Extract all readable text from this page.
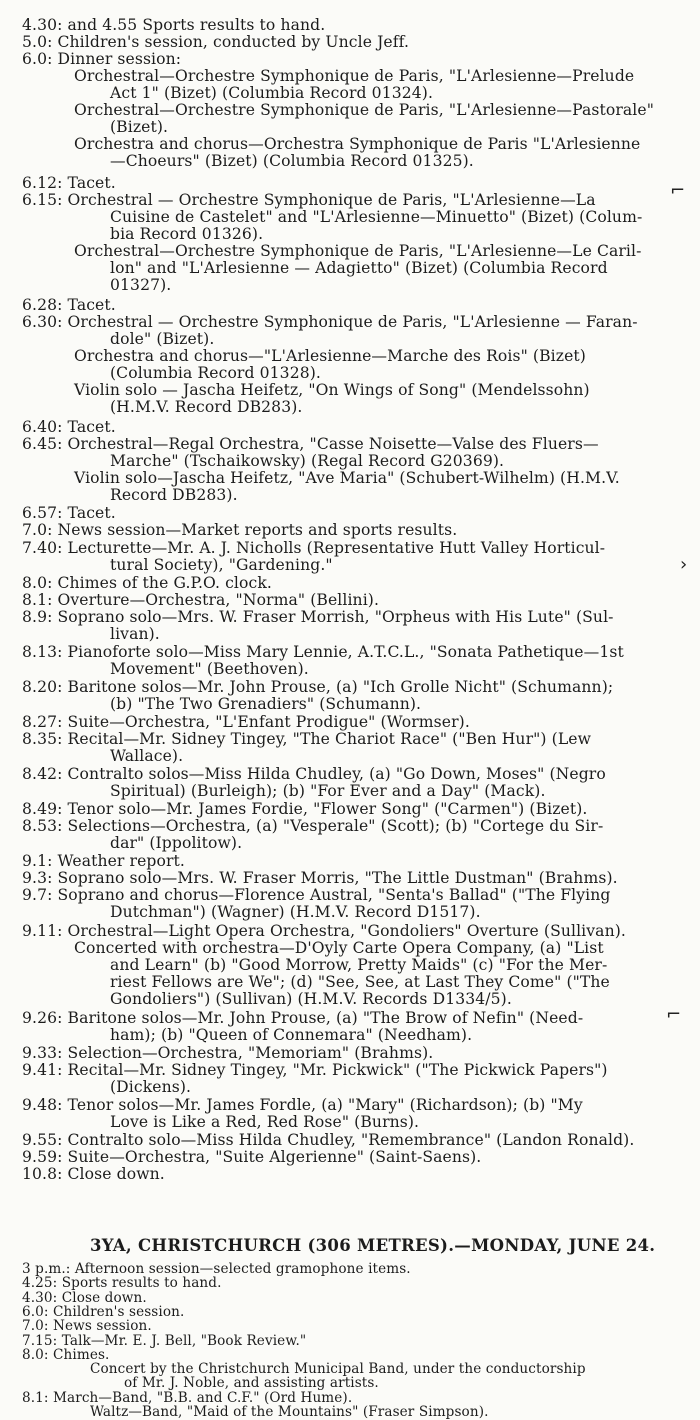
4.30: and 4.55 Sports results to hand.
5.0: Children's session, conducted by Uncle Jeff.
6.0: Dinner session:
Orchestral—Orchestre Symphonique de Paris, "L'Arlesienne—Prelude
Act 1" (Bizet) (Columbia Record 01324).
Orchestral—Orchestre Symphonique de Paris, "L'Arlesienne—Pastorale"
(Bizet).
Orchestra and chorus—Orchestra Symphonique de Paris "L'Arlesienne
—Choeurs" (Bizet) (Columbia Record 01325).
6.12: Tacet.
6.15: Orchestral — Orchestre Symphonique de Paris, "L'Arlesienne—La
Cuisine de Castelet" and "L'Arlesienne—Minuetto" (Bizet) (Colum-
bia Record 01326).
Orchestral—Orchestre Symphonique de Paris, "L'Arlesienne—Le Caril-
lon" and "L'Arlesienne — Adagietto" (Bizet) (Columbia Record
01327).
6.28: Tacet.
6.30: Orchestral — Orchestre Symphonique de Paris, "L'Arlesienne — Faran-
dole" (Bizet).
Orchestra and chorus—"L'Arlesienne—Marche des Rois" (Bizet)
(Columbia Record 01328).
Violin solo — Jascha Heifetz, "On Wings of Song" (Mendelssohn)
(H.M.V. Record DB283).
6.40: Tacet.
6.45: Orchestral—Regal Orchestra, "Casse Noisette—Valse des Fluers—
Marche" (Tschaikowsky) (Regal Record G20369).
Violin solo—Jascha Heifetz, "Ave Maria" (Schubert-Wilhelm) (H.M.V.
Record DB283).
6.57: Tacet.
7.0: News session—Market reports and sports results.
7.40: Lecturette—Mr. A. J. Nicholls (Representative Hutt Valley Horticul-
tural Society), "Gardening."
8.0: Chimes of the G.P.O. clock.
8.1: Overture—Orchestra, "Norma" (Bellini).
8.9: Soprano solo—Mrs. W. Fraser Morrish, "Orpheus with His Lute" (Sul-
livan).
8.13: Pianoforte solo—Miss Mary Lennie, A.T.C.L., "Sonata Pathetique—1st
Movement" (Beethoven).
8.20: Baritone solos—Mr. John Prouse, (a) "Ich Grolle Nicht" (Schumann);
(b) "The Two Grenadiers" (Schumann).
8.27: Suite—Orchestra, "L'Enfant Prodigue" (Wormser).
8.35: Recital—Mr. Sidney Tingey, "The Chariot Race" ("Ben Hur") (Lew
Wallace).
8.42: Contralto solos—Miss Hilda Chudley, (a) "Go Down, Moses" (Negro
Spiritual) (Burleigh); (b) "For Ever and a Day" (Mack).
8.49: Tenor solo—Mr. James Fordie, "Flower Song" ("Carmen") (Bizet).
8.53: Selections—Orchestra, (a) "Vesperale" (Scott); (b) "Cortege du Sir-
dar" (Ippolitow).
9.1: Weather report.
9.3: Soprano solo—Mrs. W. Fraser Morris, "The Little Dustman" (Brahms).
9.7: Soprano and chorus—Florence Austral, "Senta's Ballad" ("The Flying
Dutchman") (Wagner) (H.M.V. Record D1517).
9.11: Orchestral—Light Opera Orchestra, "Gondoliers" Overture (Sullivan).
Concerted with orchestra—D'Oyly Carte Opera Company, (a) "List
and Learn" (b) "Good Morrow, Pretty Maids" (c) "For the Mer-
riest Fellows are We"; (d) "See, See, at Last They Come" ("The
Gondoliers") (Sullivan) (H.M.V. Records D1334/5).
9.26: Baritone solos—Mr. John Prouse, (a) "The Brow of Nefin" (Need-
ham); (b) "Queen of Connemara" (Needham).
9.33: Selection—Orchestra, "Memoriam" (Brahms).
9.41: Recital—Mr. Sidney Tingey, "Mr. Pickwick" ("The Pickwick Papers")
(Dickens).
9.48: Tenor solos—Mr. James Fordle, (a) "Mary" (Richardson); (b) "My
Love is Like a Red, Red Rose" (Burns).
9.55: Contralto solo—Miss Hilda Chudley, "Remembrance" (Landon Ronald).
9.59: Suite—Orchestra, "Suite Algerienne" (Saint-Saens).
10.8: Close down.
3YA, CHRISTCHURCH (306 METRES).—MONDAY, JUNE 24.
3 p.m.: Afternoon session—selected gramophone items.
4.25: Sports results to hand.
4.30: Close down.
6.0: Children's session.
7.0: News session.
7.15: Talk—Mr. E. J. Bell, "Book Review."
8.0: Chimes.
Concert by the Christchurch Municipal Band, under the conductorship
of Mr. J. Noble, and assisting artists.
8.1: March—Band, "B.B. and C.F." (Ord Hume).
Waltz—Band, "Maid of the Mountains" (Fraser Simpson).
⌐
›
⌐
